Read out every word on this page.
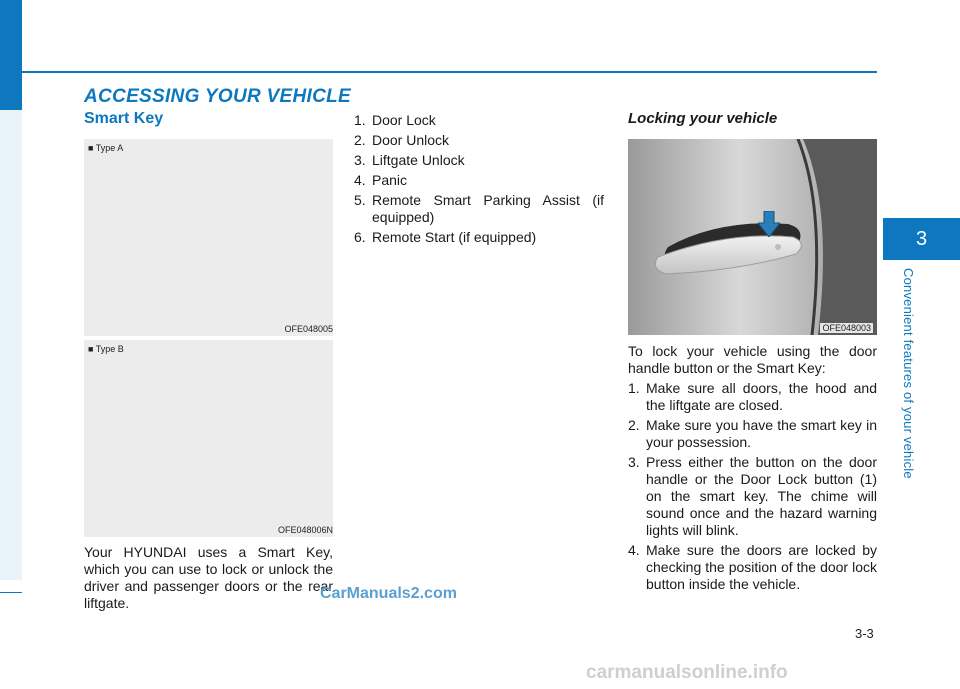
ACCESSING YOUR VEHICLE
Smart Key
■ Type A
OFE048005
■ Type B
OFE048006N
Your HYUNDAI uses a Smart Key, which you can use to lock or unlock the driver and passenger doors or the rear liftgate.
1. Door Lock
2. Door Unlock
3. Liftgate Unlock
4. Panic
5. Remote Smart Parking Assist (if equipped)
6. Remote Start (if equipped)
Locking your vehicle
OFE048003
To lock your vehicle using the door handle button or the Smart Key:
1. Make sure all doors, the hood and the liftgate are closed.
2. Make sure you have the smart key in your possession.
3. Press either the button on the door handle or the Door Lock button (1) on the smart key. The chime will sound once and the hazard warning lights will blink.
4. Make sure the doors are locked by checking the position of the door lock button inside the vehicle.
3
Convenient features of your vehicle
3-3
CarManuals2.com
carmanualsonline.info
